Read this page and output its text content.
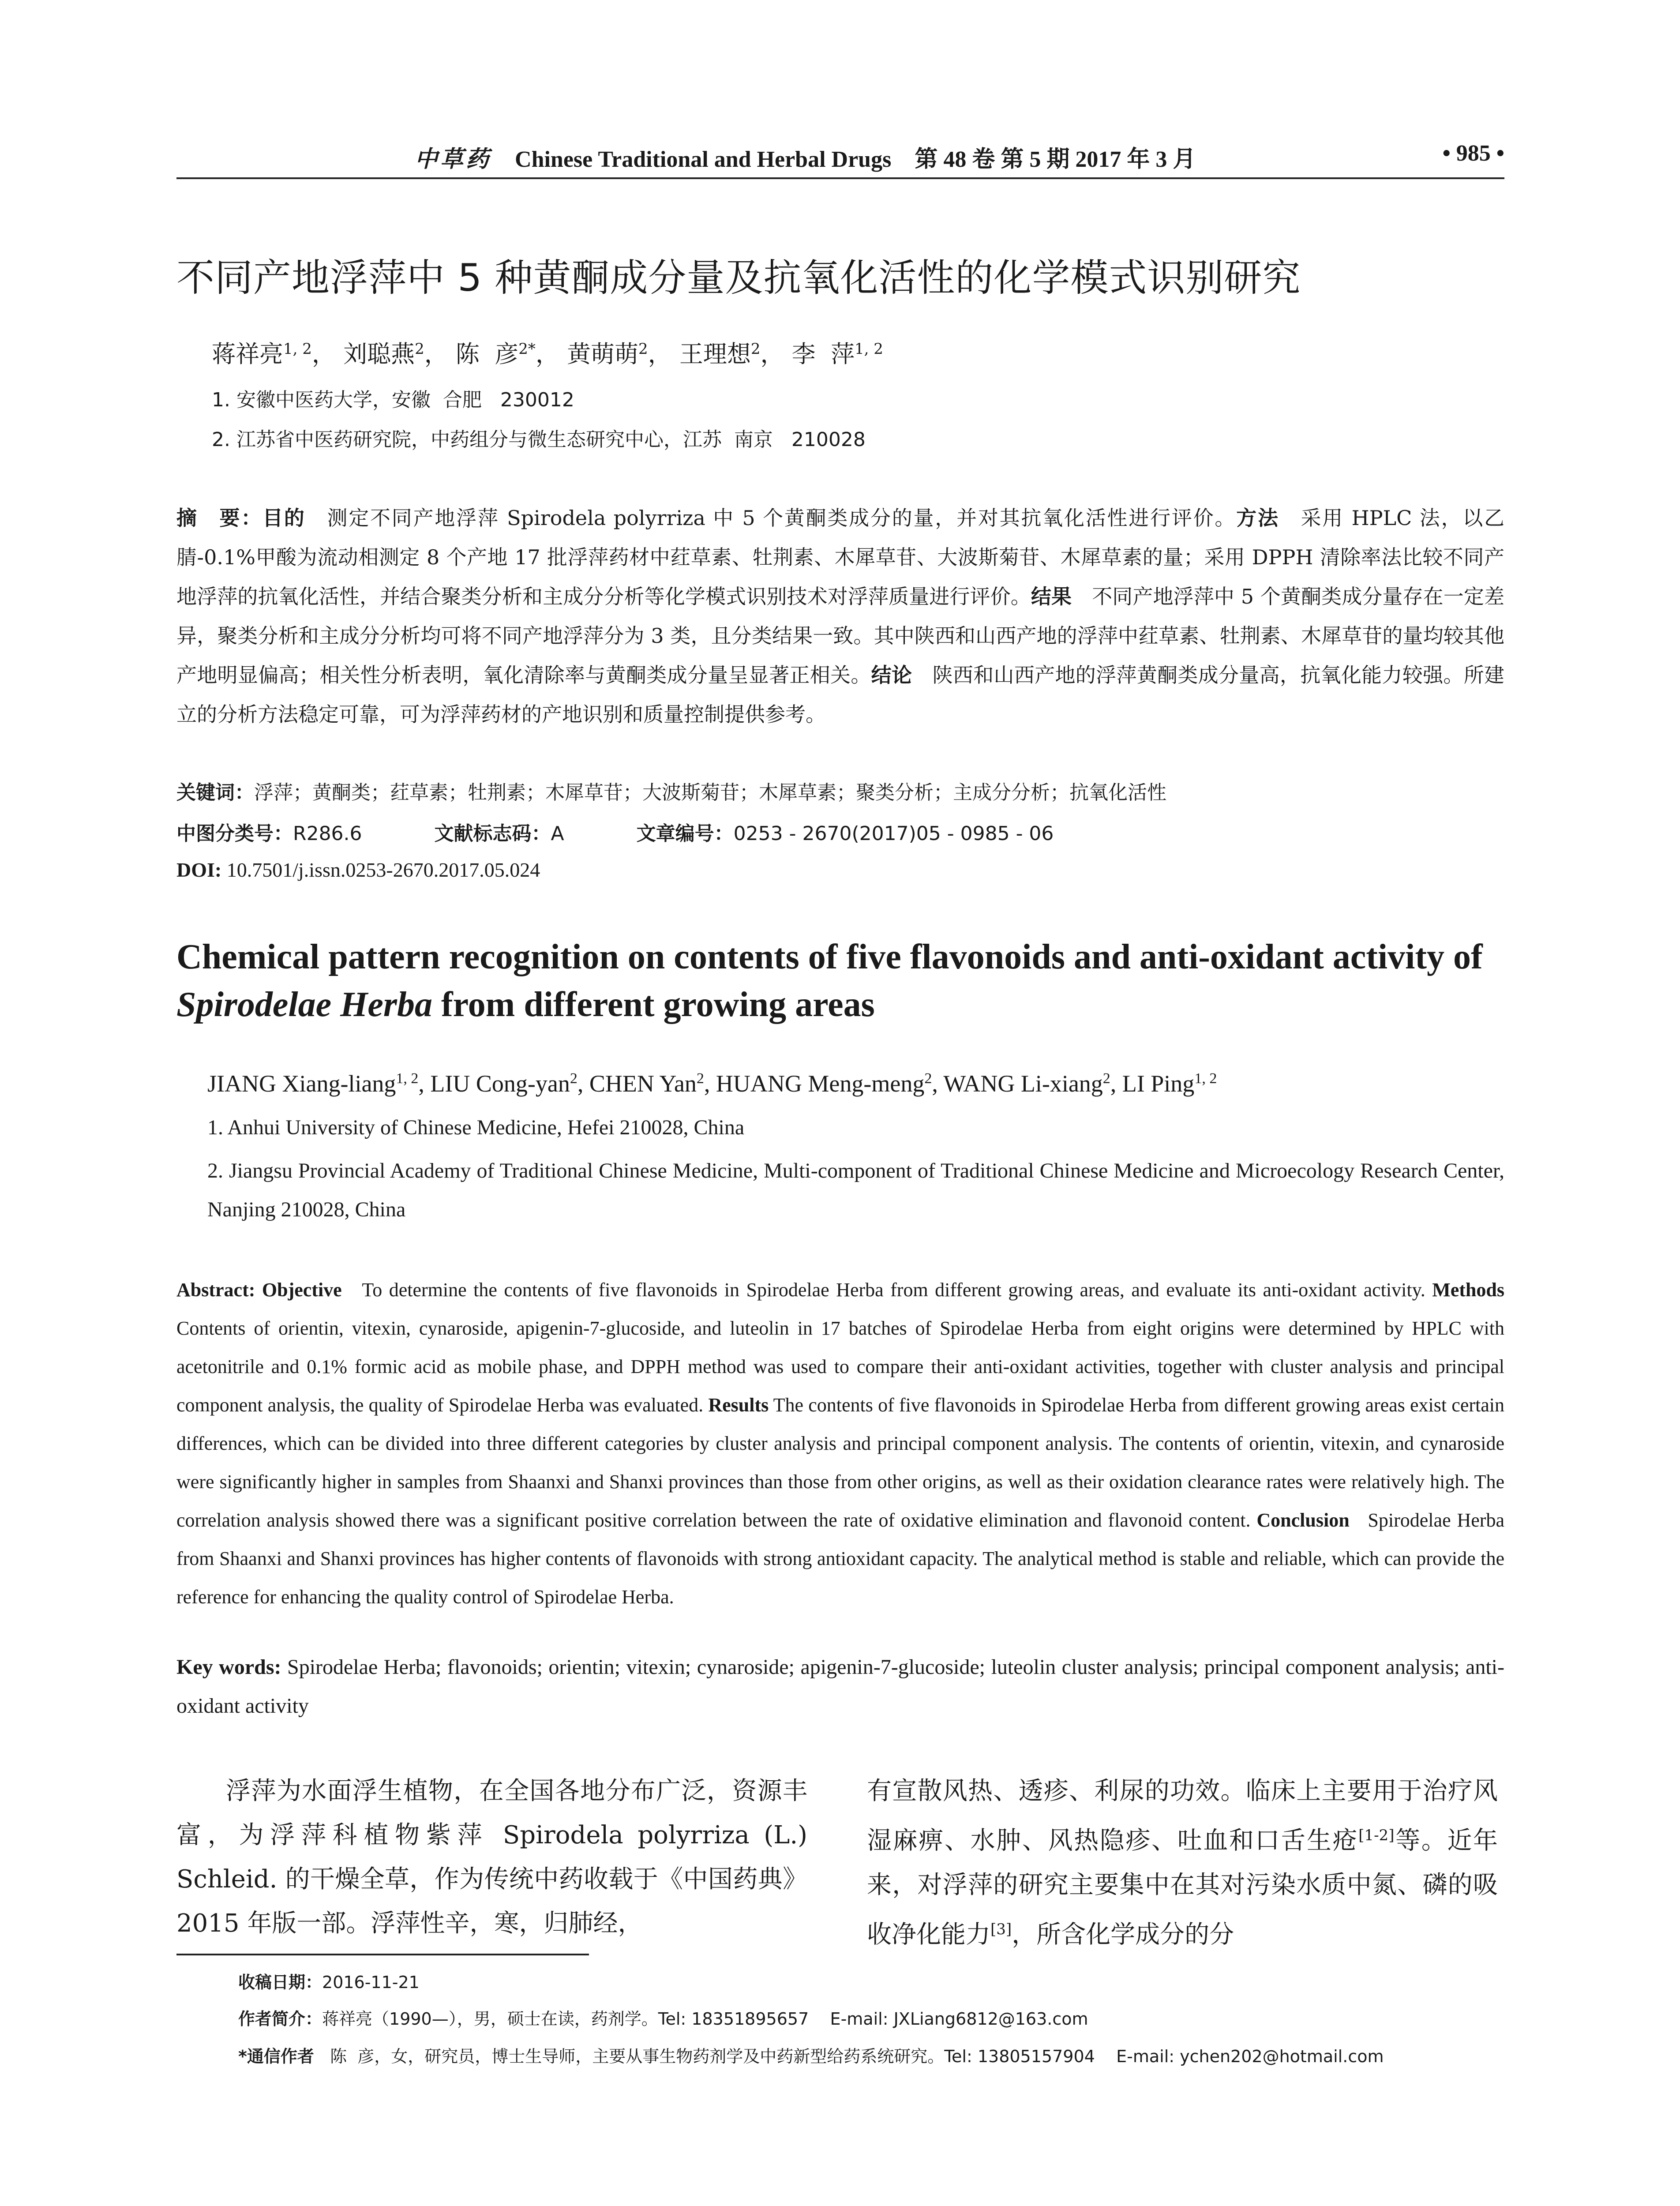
中草药 Chinese Traditional and Herbal Drugs 第 48 卷 第 5 期 2017 年 3 月	• 985 •
不同产地浮萍中 5 种黄酮成分量及抗氧化活性的化学模式识别研究
蒋祥亮$^{1, 2}$， 刘聪燕$^2$， 陈  彦$^{2*}$， 黄萌萌$^2$， 王理想$^2$， 李  萍$^{1, 2}$
1. 安徽中医药大学，安徽  合肥   230012
2. 江苏省中医药研究院，中药组分与微生态研究中心，江苏  南京   210028
摘　要：目的　测定不同产地浮萍 Spirodela polyrriza 中 5 个黄酮类成分的量，并对其抗氧化活性进行评价。方法　采用 HPLC 法，以乙腈-0.1%甲酸为流动相测定 8 个产地 17 批浮萍药材中荭草素、牡荆素、木犀草苷、大波斯菊苷、木犀草素的量；采用 DPPH 清除率法比较不同产地浮萍的抗氧化活性，并结合聚类分析和主成分分析等化学模式识别技术对浮萍质量进行评价。结果　不同产地浮萍中 5 个黄酮类成分量存在一定差异，聚类分析和主成分分析均可将不同产地浮萍分为 3 类，且分类结果一致。其中陕西和山西产地的浮萍中荭草素、牡荆素、木犀草苷的量均较其他产地明显偏高；相关性分析表明，氧化清除率与黄酮类成分量呈显著正相关。结论　陕西和山西产地的浮萍黄酮类成分量高，抗氧化能力较强。所建立的分析方法稳定可靠，可为浮萍药材的产地识别和质量控制提供参考。
关键词：浮萍；黄酮类；荭草素；牡荆素；木犀草苷；大波斯菊苷；木犀草素；聚类分析；主成分分析；抗氧化活性
中图分类号：R286.6	文献标志码：A	文章编号：0253 - 2670(2017)05 - 0985 - 06
DOI: 10.7501/j.issn.0253-2670.2017.05.024
Chemical pattern recognition on contents of five flavonoids and anti-oxidant activity of Spirodelae Herba from different growing areas
JIANG Xiang-liang$^{1, 2}$, LIU Cong-yan$^2$, CHEN Yan$^2$, HUANG Meng-meng$^2$, WANG Li-xiang$^2$, LI Ping$^{1, 2}$
1. Anhui University of Chinese Medicine, Hefei 210028, China
2. Jiangsu Provincial Academy of Traditional Chinese Medicine, Multi-component of Traditional Chinese Medicine and Microecology Research Center, Nanjing 210028, China
Abstract: Objective   To determine the contents of five flavonoids in Spirodelae Herba from different growing areas, and evaluate its anti-oxidant activity. Methods   Contents of orientin, vitexin, cynaroside, apigenin-7-glucoside, and luteolin in 17 batches of Spirodelae Herba from eight origins were determined by HPLC with acetonitrile and 0.1% formic acid as mobile phase, and DPPH method was used to compare their anti-oxidant activities, together with cluster analysis and principal component analysis, the quality of Spirodelae Herba was evaluated. Results The contents of five flavonoids in Spirodelae Herba from different growing areas exist certain differences, which can be divided into three different categories by cluster analysis and principal component analysis. The contents of orientin, vitexin, and cynaroside were significantly higher in samples from Shaanxi and Shanxi provinces than those from other origins, as well as their oxidation clearance rates were relatively high. The correlation analysis showed there was a significant positive correlation between the rate of oxidative elimination and flavonoid content. Conclusion   Spirodelae Herba from Shaanxi and Shanxi provinces has higher contents of flavonoids with strong antioxidant capacity. The analytical method is stable and reliable, which can provide the reference for enhancing the quality control of Spirodelae Herba.
Key words: Spirodelae Herba; flavonoids; orientin; vitexin; cynaroside; apigenin-7-glucoside; luteolin cluster analysis; principal component analysis; anti-oxidant activity
浮萍为水面浮生植物，在全国各地分布广泛，资源丰富，为浮萍科植物紫萍 Spirodela polyrriza (L.) Schleid. 的干燥全草，作为传统中药收载于《中国药典》2015 年版一部。浮萍性辛，寒，归肺经，
有宣散风热、透疹、利尿的功效。临床上主要用于治疗风湿麻痹、水肿、风热隐疹、吐血和口舌生疮[1-2]等。近年来，对浮萍的研究主要集中在其对污染水质中氮、磷的吸收净化能力[3]，所含化学成分的分
收稿日期：2016-11-21
作者简介：蒋祥亮（1990—），男，硕士在读，药剂学。Tel: 18351895657    E-mail: JXLiang6812@163.com
*通信作者   陈  彦，女，研究员，博士生导师，主要从事生物药剂学及中药新型给药系统研究。Tel: 13805157904    E-mail: ychen202@hotmail.com
